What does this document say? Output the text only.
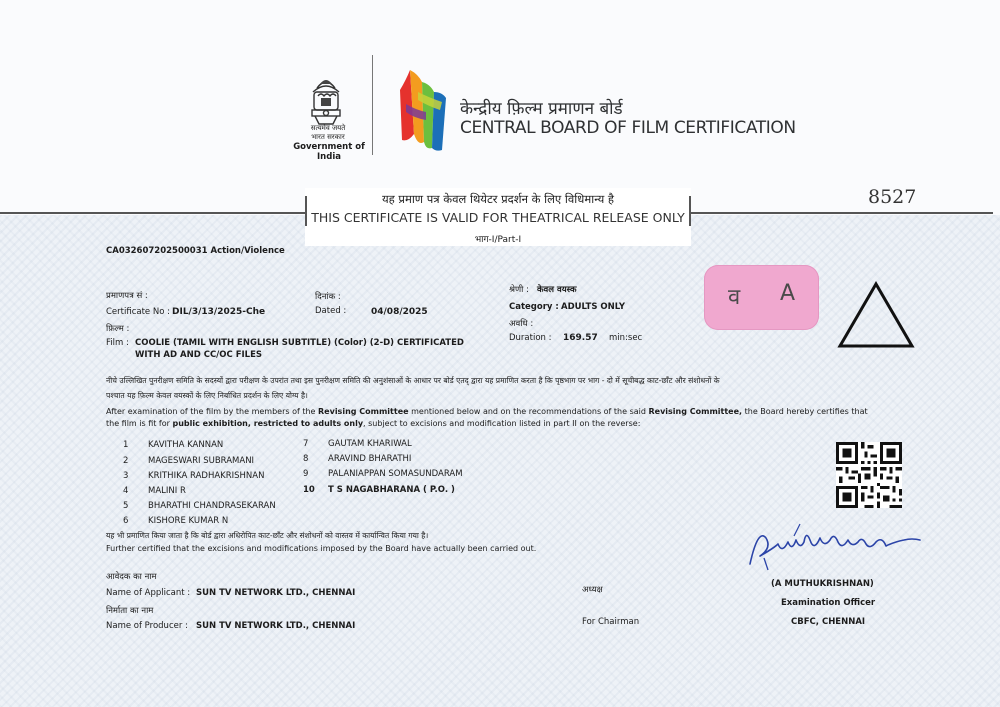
सत्यमेव जयते
भारत सरकार
Government of India
केन्द्रीय फ़िल्म प्रमाणन बोर्ड
CENTRAL BOARD OF FILM CERTIFICATION
यह प्रमाण पत्र केवल थियेटर प्रदर्शन के लिए विधिमान्य है
THIS CERTIFICATE IS VALID FOR THEATRICAL RELEASE ONLY
भाग-I/Part-I
8527
CA032607202500031 Action/Violence
प्रमाणपत्र सं :
Certificate No : DIL/3/13/2025-Che
दिनांक :
Dated :	04/08/2025
श्रेणी : केवल वयस्क
Category : ADULTS ONLY
अवधि :
Duration : 169.57 min:sec
फ़िल्म :
Film : COOLIE (TAMIL WITH ENGLISH SUBTITLE) (Color) (2-D) CERTIFICATED
WITH AD AND CC/OC FILES
व A
नीचे उल्लिखित पुनरीक्षण समिति के सदस्यों द्वारा परीक्षण के उपरांत तथा इस पुनरीक्षण समिति की अनुशंसाओं के आधार पर बोर्ड एतद् द्वारा यह प्रमाणित करता है कि पृष्ठभाग पर भाग - दो में सूचीबद्ध काट-छाँट और संशोधनों के
पश्चात यह फ़िल्म केवल वयस्कों के लिए निर्बाधित प्रदर्शन के लिए योग्य है।
After examination of the film by the members of the Revising Committee mentioned below and on the recommendations of the said Revising Committee, the Board hereby certifies that
the film is fit for public exhibition, restricted to adults only, subject to excisions and modification listed in part II on the reverse:
1 KAVITHA KANNAN
2 MAGESWARI SUBRAMANI
3 KRITHIKA RADHAKRISHNAN
4 MALINI R
5 BHARATHI CHANDRASEKARAN
6 KISHORE KUMAR N
7 GAUTAM KHARIWAL
8 ARAVIND BHARATHI
9 PALANIAPPAN SOMASUNDARAM
10 T S NAGABHARANA ( P.O. )
यह भी प्रमाणित किया जाता है कि बोर्ड द्वारा अधिरोपित काट-छाँट और संशोधनों को वास्तव में कार्यान्वित किया गया है।
Further certified that the excisions and modifications imposed by the Board have actually been carried out.
आवेदक का नाम
Name of Applicant : SUN TV NETWORK LTD., CHENNAI
निर्माता का नाम
Name of Producer : SUN TV NETWORK LTD., CHENNAI
अध्यक्ष
For Chairman
(A MUTHUKRISHNAN)
Examination Officer
CBFC, CHENNAI
